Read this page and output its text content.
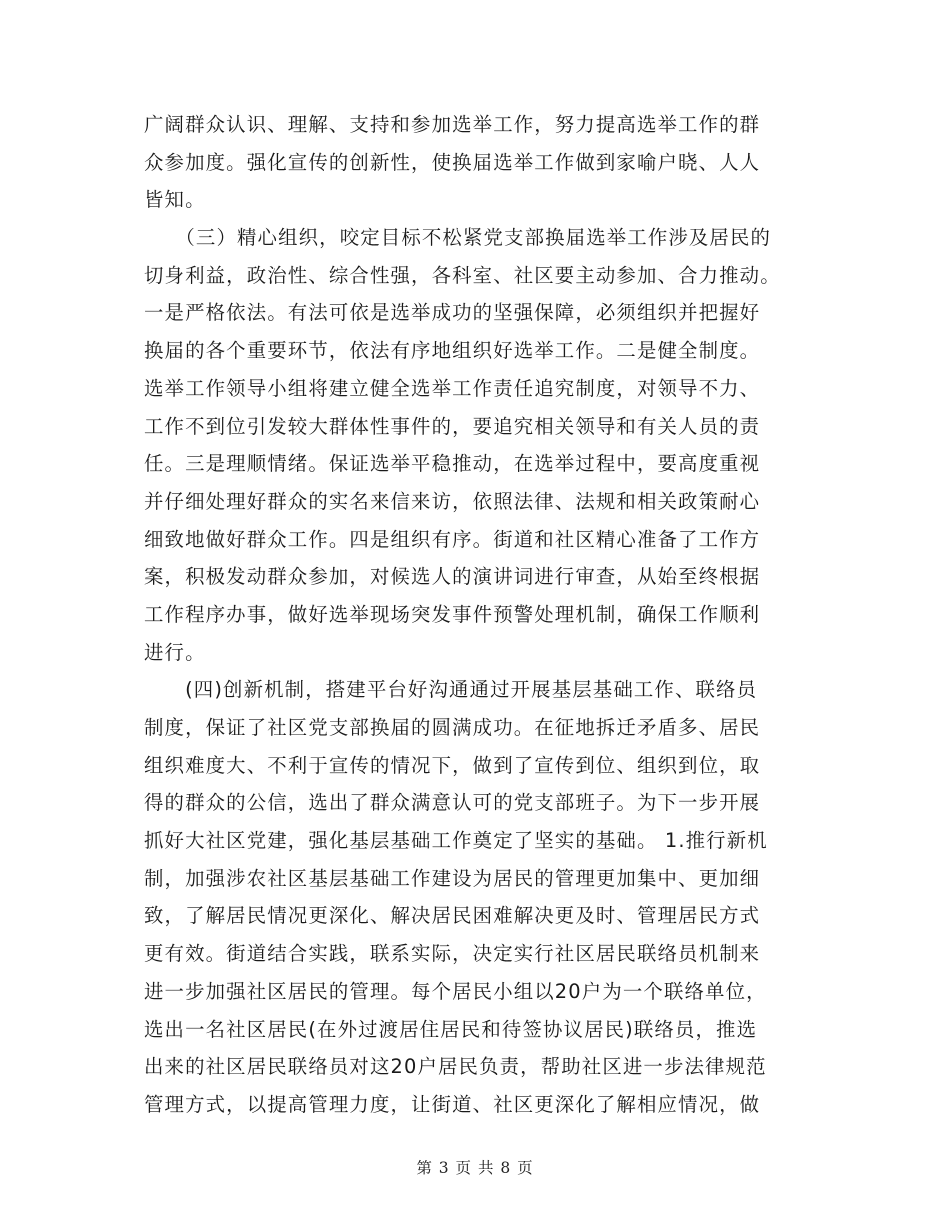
广阔群众认识、理解、支持和参加选举工作，努力提高选举工作的群
众参加度。强化宣传的创新性，使换届选举工作做到家喻户晓、人人
皆知。
　　（三）精心组织，咬定目标不松紧党支部换届选举工作涉及居民的
切身利益，政治性、综合性强，各科室、社区要主动参加、合力推动。
一是严格依法。有法可依是选举成功的坚强保障，必须组织并把握好
换届的各个重要环节，依法有序地组织好选举工作。二是健全制度。
选举工作领导小组将建立健全选举工作责任追究制度，对领导不力、
工作不到位引发较大群体性事件的，要追究相关领导和有关人员的责
任。三是理顺情绪。保证选举平稳推动，在选举过程中，要高度重视
并仔细处理好群众的实名来信来访，依照法律、法规和相关政策耐心
细致地做好群众工作。四是组织有序。街道和社区精心准备了工作方
案，积极发动群众参加，对候选人的演讲词进行审查，从始至终根据
工作程序办事，做好选举现场突发事件预警处理机制，确保工作顺利
进行。
　　(四)创新机制，搭建平台好沟通通过开展基层基础工作、联络员
制度，保证了社区党支部换届的圆满成功。在征地拆迁矛盾多、居民
组织难度大、不利于宣传的情况下，做到了宣传到位、组织到位，取
得的群众的公信，选出了群众满意认可的党支部班子。为下一步开展
抓好大社区党建，强化基层基础工作奠定了坚实的基础。 1.推行新机
制，加强涉农社区基层基础工作建设为居民的管理更加集中、更加细
致，了解居民情况更深化、解决居民困难解决更及时、管理居民方式
更有效。街道结合实践，联系实际，决定实行社区居民联络员机制来
进一步加强社区居民的管理。每个居民小组以20户为一个联络单位，
选出一名社区居民(在外过渡居住居民和待签协议居民)联络员，推选
出来的社区居民联络员对这20户居民负责，帮助社区进一步法律规范
管理方式，以提高管理力度，让街道、社区更深化了解相应情况，做
第 3 页 共 8 页
